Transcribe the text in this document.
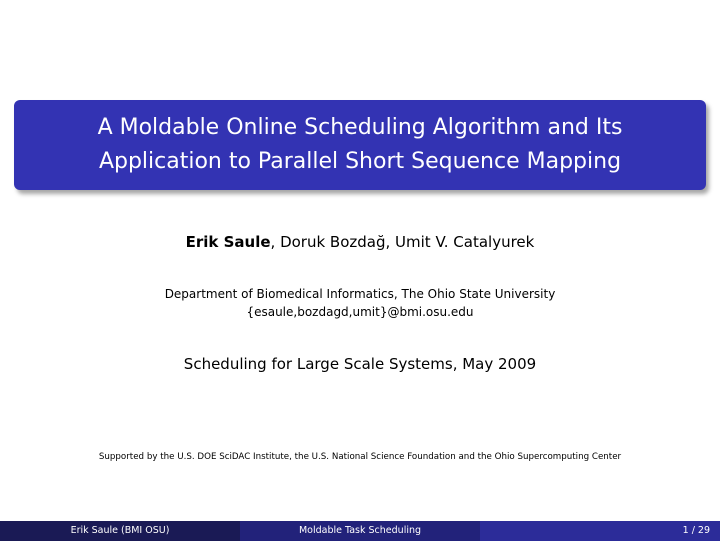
A Moldable Online Scheduling Algorithm and Its
Application to Parallel Short Sequence Mapping
Erik Saule, Doruk Bozdağ, Umit V. Catalyurek
Department of Biomedical Informatics, The Ohio State University
{esaule,bozdagd,umit}@bmi.osu.edu
Scheduling for Large Scale Systems, May 2009
Supported by the U.S. DOE SciDAC Institute, the U.S. National Science Foundation and the Ohio Supercomputing Center
Erik Saule (BMI OSU)	Moldable Task Scheduling	1 / 29
